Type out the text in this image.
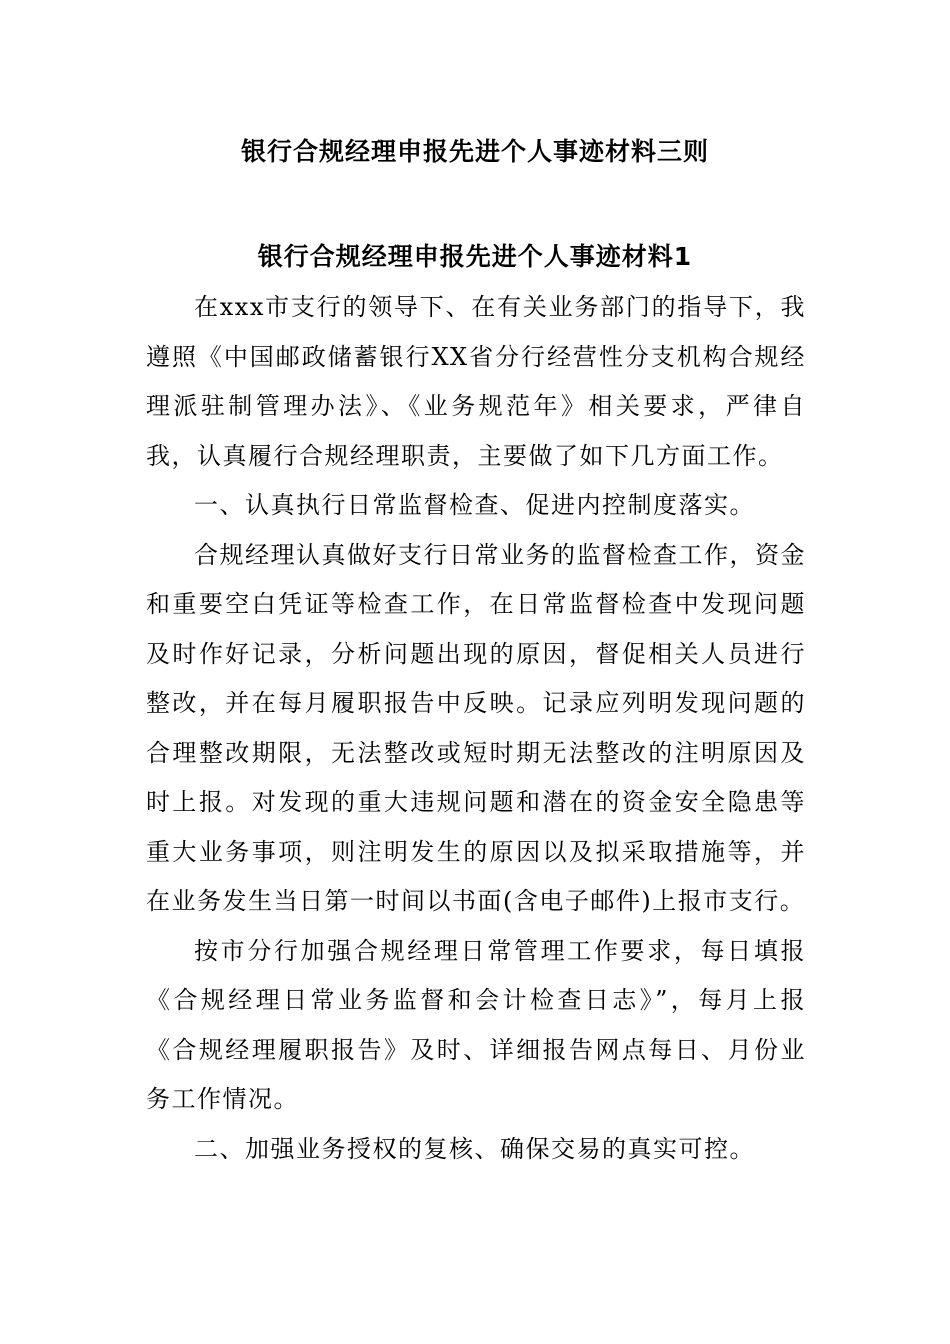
银行合规经理申报先进个人事迹材料三则
银行合规经理申报先进个人事迹材料1

在xxx市支行的领导下、在有关业务部门的指导下，我遵照《中国邮政储蓄银行XX省分行经营性分支机构合规经理派驻制管理办法》、《业务规范年》相关要求，严律自我，认真履行合规经理职责，主要做了如下几方面工作。

一、认真执行日常监督检查、促进内控制度落实。

合规经理认真做好支行日常业务的监督检查工作，资金和重要空白凭证等检查工作，在日常监督检查中发现问题及时作好记录，分析问题出现的原因，督促相关人员进行整改，并在每月履职报告中反映。记录应列明发现问题的合理整改期限，无法整改或短时期无法整改的注明原因及时上报。对发现的重大违规问题和潜在的资金安全隐患等重大业务事项，则注明发生的原因以及拟采取措施等，并在业务发生当日第一时间以书面(含电子邮件)上报市支行。

按市分行加强合规经理日常管理工作要求，每日填报《合规经理日常业务监督和会计检查日志》”，每月上报《合规经理履职报告》及时、详细报告网点每日、月份业务工作情况。

二、加强业务授权的复核、确保交易的真实可控。
